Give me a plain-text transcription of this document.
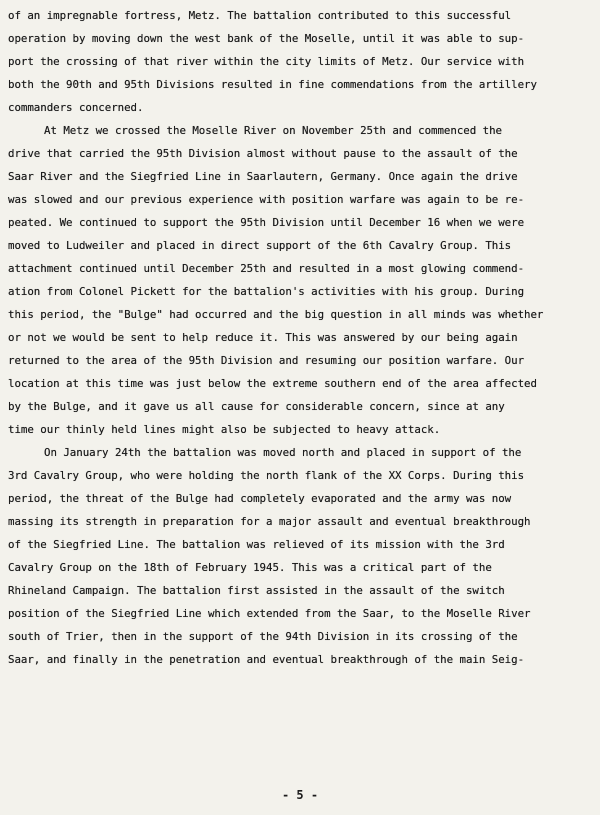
of an impregnable fortress, Metz. The battalion contributed to this successful
operation by moving down the west bank of the Moselle, until it was able to sup-
port the crossing of that river within the city limits of Metz. Our service with
both the 90th and 95th Divisions resulted in fine commendations from the artillery
commanders concerned.
At Metz we crossed the Moselle River on November 25th and commenced the
drive that carried the 95th Division almost without pause to the assault of the
Saar River and the Siegfried Line in Saarlautern, Germany. Once again the drive
was slowed and our previous experience with position warfare was again to be re-
peated. We continued to support the 95th Division until December 16 when we were
moved to Ludweiler and placed in direct support of the 6th Cavalry Group. This
attachment continued until December 25th and resulted in a most glowing commend-
ation from Colonel Pickett for the battalion's activities with his group. During
this period, the "Bulge" had occurred and the big question in all minds was whether
or not we would be sent to help reduce it. This was answered by our being again
returned to the area of the 95th Division and resuming our position warfare. Our
location at this time was just below the extreme southern end of the area affected
by the Bulge, and it gave us all cause for considerable concern, since at any
time our thinly held lines might also be subjected to heavy attack.
On January 24th the battalion was moved north and placed in support of the
3rd Cavalry Group, who were holding the north flank of the XX Corps. During this
period, the threat of the Bulge had completely evaporated and the army was now
massing its strength in preparation for a major assault and eventual breakthrough
of the Siegfried Line. The battalion was relieved of its mission with the 3rd
Cavalry Group on the 18th of February 1945. This was a critical part of the
Rhineland Campaign. The battalion first assisted in the assault of the switch
position of the Siegfried Line which extended from the Saar, to the Moselle River
south of Trier, then in the support of the 94th Division in its crossing of the
Saar, and finally in the penetration and eventual breakthrough of the main Seig-
- 5 -
